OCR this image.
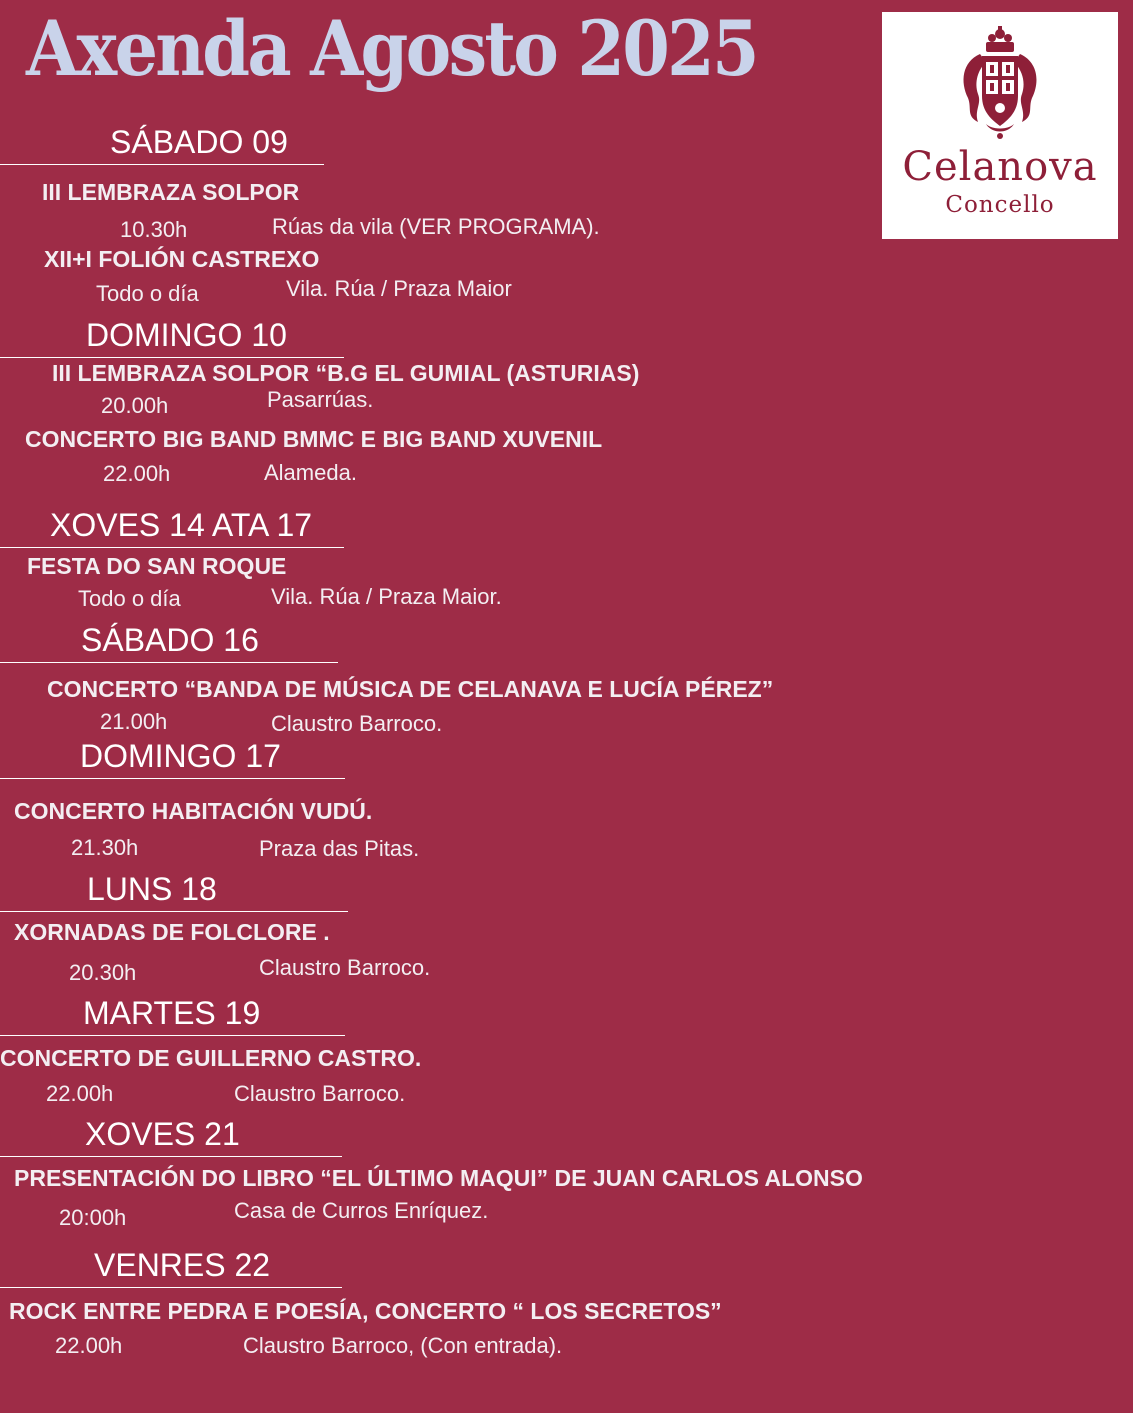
Axenda Agosto 2025
Celanova
Concello
SÁBADO 09
III LEMBRAZA SOLPOR
10.30h	Rúas da vila (VER PROGRAMA).
XII+I FOLIÓN CASTREXO
Todo o día	Vila. Rúa / Praza Maior
DOMINGO 10
III LEMBRAZA SOLPOR “B.G EL GUMIAL (ASTURIAS)
20.00h	Pasarrúas.
CONCERTO BIG BAND BMMC E BIG BAND XUVENIL
22.00h	Alameda.
XOVES 14 ATA 17
FESTA DO SAN ROQUE
Todo o día	Vila. Rúa / Praza Maior.
SÁBADO 16
CONCERTO “BANDA DE MÚSICA DE CELANAVA E LUCÍA PÉREZ”
21.00h	Claustro Barroco.
DOMINGO 17
CONCERTO HABITACIÓN VUDÚ.
21.30h	Praza das Pitas.
LUNS 18
XORNADAS DE FOLCLORE .
20.30h	Claustro Barroco.
MARTES 19
CONCERTO DE GUILLERNO CASTRO.
22.00h	Claustro Barroco.
XOVES 21
PRESENTACIÓN DO LIBRO “EL ÚLTIMO MAQUI” DE JUAN CARLOS ALONSO
20:00h	Casa de Curros Enríquez.
VENRES 22
ROCK ENTRE PEDRA E POESÍA, CONCERTO “ LOS SECRETOS”
22.00h	Claustro Barroco, (Con entrada).
